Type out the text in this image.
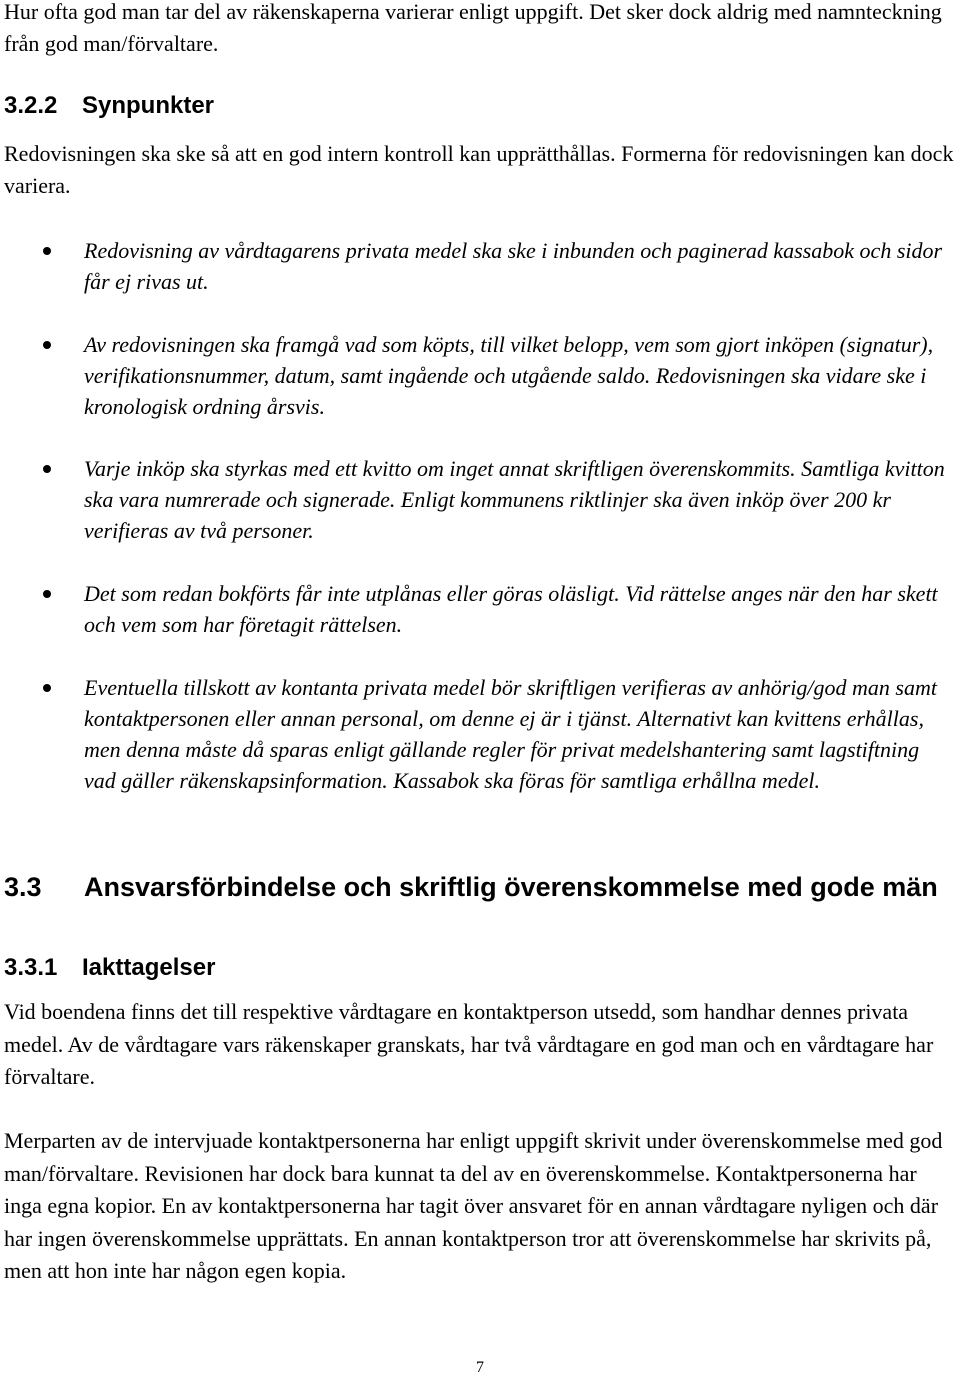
Hur ofta god man tar del av räkenskaperna varierar enligt uppgift. Det sker dock aldrig med namnteckning från god man/förvaltare.

3.2.2	Synpunkter

Redovisningen ska ske så att en god intern kontroll kan upprätthållas. Formerna för redovisningen kan dock variera.

Redovisning av vårdtagarens privata medel ska ske i inbunden och paginerad kassabok och sidor får ej rivas ut.

Av redovisningen ska framgå vad som köpts, till vilket belopp, vem som gjort inköpen (signatur), verifikationsnummer, datum, samt ingående och utgående saldo. Redovisningen ska vidare ske i kronologisk ordning årsvis.

Varje inköp ska styrkas med ett kvitto om inget annat skriftligen överenskommits. Samtliga kvitton ska vara numrerade och signerade. Enligt kommunens riktlinjer ska även inköp över 200 kr verifieras av två personer.

Det som redan bokförts får inte utplånas eller göras oläsligt. Vid rättelse anges när den har skett och vem som har företagit rättelsen.

Eventuella tillskott av kontanta privata medel bör skriftligen verifieras av anhörig/god man samt kontaktpersonen eller annan personal, om denne ej är i tjänst. Alternativt kan kvittens erhållas, men denna måste då sparas enligt gällande regler för privat medelshantering samt lagstiftning vad gäller räkenskapsinformation. Kassabok ska föras för samtliga erhållna medel.

3.3	Ansvarsförbindelse och skriftlig överenskommelse med gode män
3.3.1	Iakttagelser

Vid boendena finns det till respektive vårdtagare en kontaktperson utsedd, som handhar dennes privata medel. Av de vårdtagare vars räkenskaper granskats, har två vårdtagare en god man och en vårdtagare har förvaltare.

Merparten av de intervjuade kontaktpersonerna har enligt uppgift skrivit under överenskommelse med god man/förvaltare. Revisionen har dock bara kunnat ta del av en överenskommelse. Kontaktpersonerna har inga egna kopior. En av kontaktpersonerna har tagit över ansvaret för en annan vårdtagare nyligen och där har ingen överenskommelse upprättats. En annan kontaktperson tror att överenskommelse har skrivits på, men att hon inte har någon egen kopia.

7
